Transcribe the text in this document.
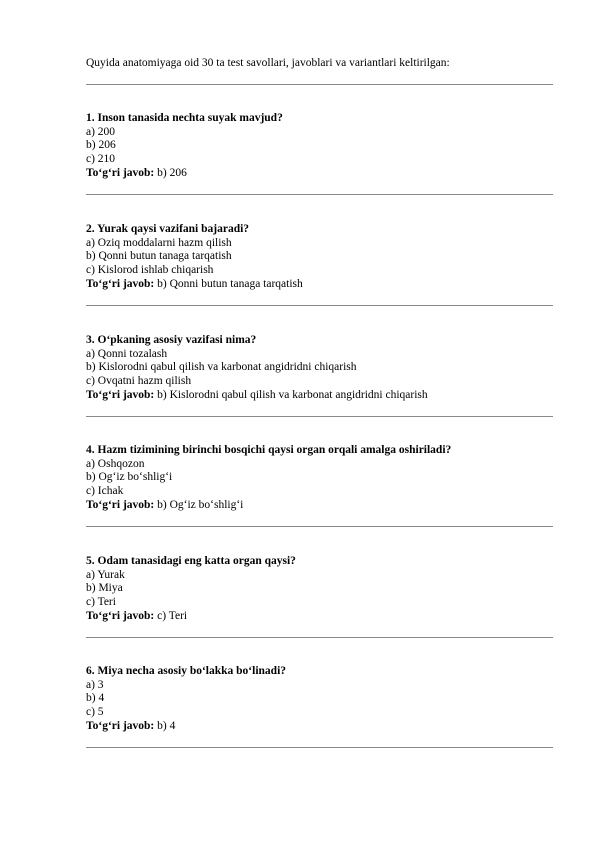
Quyida anatomiyaga oid 30 ta test savollari, javoblari va variantlari keltirilgan:
1. Inson tanasida nechta suyak mavjud?
a) 200
b) 206
c) 210
To‘g‘ri javob: b) 206
2. Yurak qaysi vazifani bajaradi?
a) Oziq moddalarni hazm qilish
b) Qonni butun tanaga tarqatish
c) Kislorod ishlab chiqarish
To‘g‘ri javob: b) Qonni butun tanaga tarqatish
3. O‘pkaning asosiy vazifasi nima?
a) Qonni tozalash
b) Kislorodni qabul qilish va karbonat angidridni chiqarish
c) Ovqatni hazm qilish
To‘g‘ri javob: b) Kislorodni qabul qilish va karbonat angidridni chiqarish
4. Hazm tizimining birinchi bosqichi qaysi organ orqali amalga oshiriladi?
a) Oshqozon
b) Og‘iz bo‘shlig‘i
c) Ichak
To‘g‘ri javob: b) Og‘iz bo‘shlig‘i
5. Odam tanasidagi eng katta organ qaysi?
a) Yurak
b) Miya
c) Teri
To‘g‘ri javob: c) Teri
6. Miya necha asosiy bo‘lakka bo‘linadi?
a) 3
b) 4
c) 5
To‘g‘ri javob: b) 4
